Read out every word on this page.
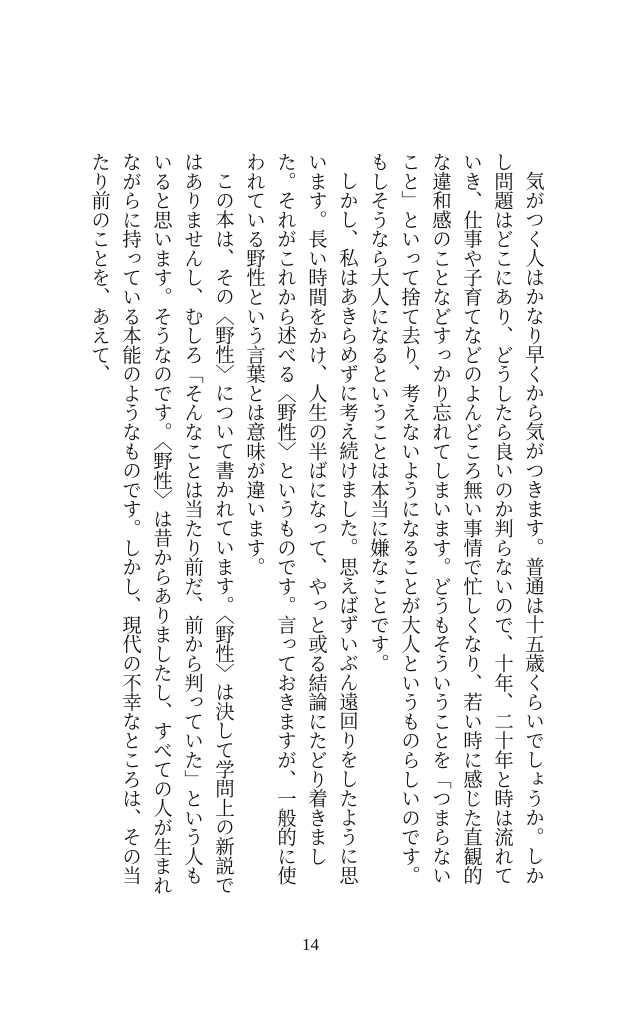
気がつく人はかなり早くから気がつきます。普通は十五歳くらいでしょうか。しかし問題はどこにあり、どうしたら良いのか判らないので、十年、二十年と時は流れていき、仕事や子育てなどのよんどころ無い事情で忙しくなり、若い時に感じた直観的な違和感のことなどすっかり忘れてしまいます。どうもそういうことを「つまらないこと」といって捨て去り、考えないようになることが大人というものらしいのです。もしそうなら大人になるということは本当に嫌なことです。

しかし、私はあきらめずに考え続けました。思えばずいぶん遠回りをしたように思います。長い時間をかけ、人生の半ばになって、やっと或る結論にたどり着きました。それがこれから述べる〈野性〉というものです。言っておきますが、一般的に使われている野性という言葉とは意味が違います。

この本は、その〈野性〉について書かれています。〈野性〉は決して学問上の新説ではありませんし、むしろ「そんなことは当たり前だ、前から判っていた」という人もいると思います。そうなのです。〈野性〉は昔からありましたし、すべての人が生まれながらに持っている本能のようなものです。しかし、現代の不幸なところは、その当たり前のことを、あえて、

14
